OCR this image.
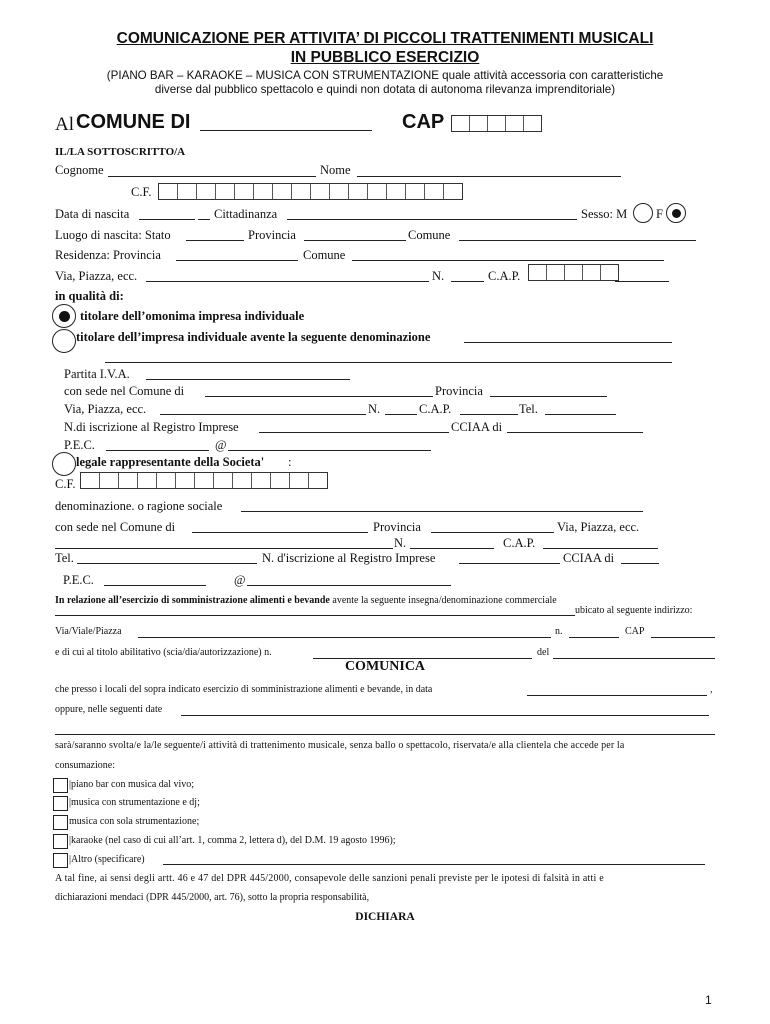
COMUNICAZIONE PER ATTIVITA’ DI PICCOLI TRATTENIMENTI MUSICALI
IN PUBBLICO ESERCIZIO
(PIANO BAR – KARAOKE – MUSICA CON STRUMENTAZIONE quale attività accessoria con caratteristiche
diverse dal pubblico spettacolo e quindi non dotata di autonoma rilevanza imprenditoriale)
Al COMUNE DI	CAP
IL/LA SOTTOSCRITTO/A
Cognome	Nome
C.F.
Data di nascita	Cittadinanza	Sesso: M F
Luogo di nascita: Stato	Provincia	Comune
Residenza: Provincia	Comune
Via, Piazza, ecc.	N.	C.A.P.
in qualità di:
titolare dell’omonima impresa individuale
titolare dell’impresa individuale avente la seguente denominazione
Partita I.V.A.
con sede nel Comune di	Provincia
Via, Piazza, ecc.	N.	C.A.P.	Tel.
N.di iscrizione al Registro Imprese	CCIAA di
P.E.C.	@
legale rappresentante della Societa' :
C.F.
denominazione. o ragione sociale
con sede nel Comune di	Provincia	Via, Piazza, ecc.
N.	C.A.P.
Tel.	N. d'iscrizione al Registro Imprese	CCIAA di
P.E.C.	@
In relazione all’esercizio di somministrazione alimenti e bevande avente la seguente insegna/denominazione commerciale
ubicato al seguente indirizzo:
Via/Viale/Piazza	n.	CAP
e di cui al titolo abilitativo (scia/dia/autorizzazione) n.	del
COMUNICA
che presso i locali del sopra indicato esercizio di somministrazione alimenti e bevande, in data	,
oppure, nelle seguenti date
sarà/saranno svolta/e la/le seguente/i attività di trattenimento musicale, senza ballo o spettacolo, riservata/e alla clientela che accede per la
consumazione:
|piano bar con musica dal vivo;
|musica con strumentazione e dj;
musica con sola strumentazione;
|karaoke (nel caso di cui all’art. 1, comma 2, lettera d), del D.M. 19 agosto 1996);
|Altro (specificare)
A tal fine, ai sensi degli artt. 46 e 47 del DPR 445/2000, consapevole delle sanzioni penali previste per le ipotesi di falsità in atti e
dichiarazioni mendaci (DPR 445/2000, art. 76), sotto la propria responsabilità,
DICHIARA
1
